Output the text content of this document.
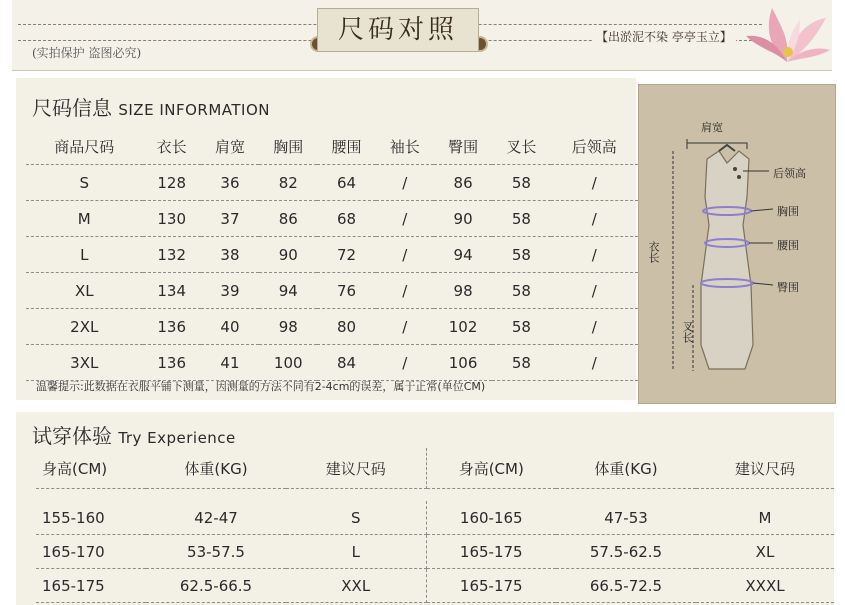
尺码对照
(实拍保护 盗图必究)
【出淤泥不染 亭亭玉立】
尺码信息 SIZE INFORMATION
商品尺码	衣长	肩宽	胸围	腰围	袖长	臀围	叉长	后领高
S	128	36	82	64	/	86	58	/
M	130	37	86	68	/	90	58	/
L	132	38	90	72	/	94	58	/
XL	134	39	94	76	/	98	58	/
2XL	136	40	98	80	/	102	58	/
3XL	136	41	100	84	/	106	58	/
温馨提示:此数据在衣服平铺下测量，因测量的方法不同有2-4cm的误差，属于正常(单位CM)
肩宽
后领高
胸围
腰围
臀围
衣长
叉长
试穿体验 Try Experience
身高(CM)	体重(KG)	建议尺码	身高(CM)	体重(KG)	建议尺码

155-160	42-47	S	160-165	47-53	M
165-170	53-57.5	L	165-175	57.5-62.5	XL
165-175	62.5-66.5	XXL	165-175	66.5-72.5	XXXL
